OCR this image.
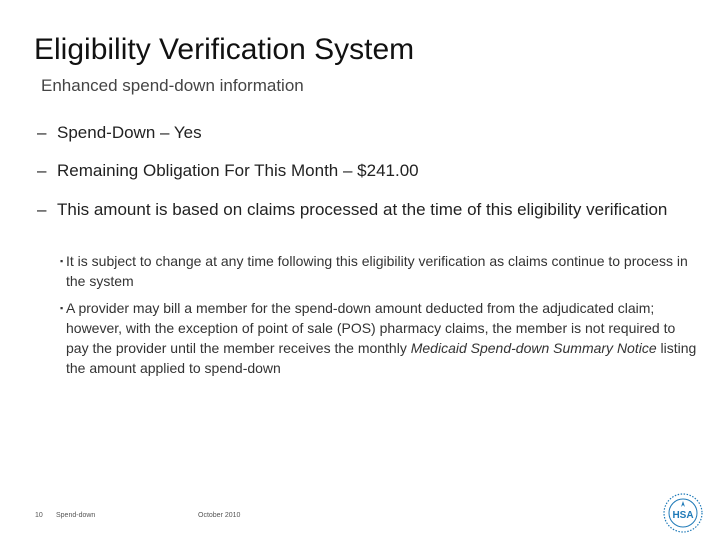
Eligibility Verification System
Enhanced spend-down information
– Spend-Down – Yes
– Remaining Obligation For This Month – $241.00
– This amount is based on claims processed at the time of this eligibility verification
▪ It is subject to change at any time following this eligibility verification as claims continue to process in the system
▪ A provider may bill a member for the spend-down amount deducted from the adjudicated claim; however, with the exception of point of sale (POS) pharmacy claims, the member is not required to pay the provider until the member receives the monthly Medicaid Spend-down Summary Notice listing the amount applied to spend-down
10 Spend-down	October 2010	HSA
